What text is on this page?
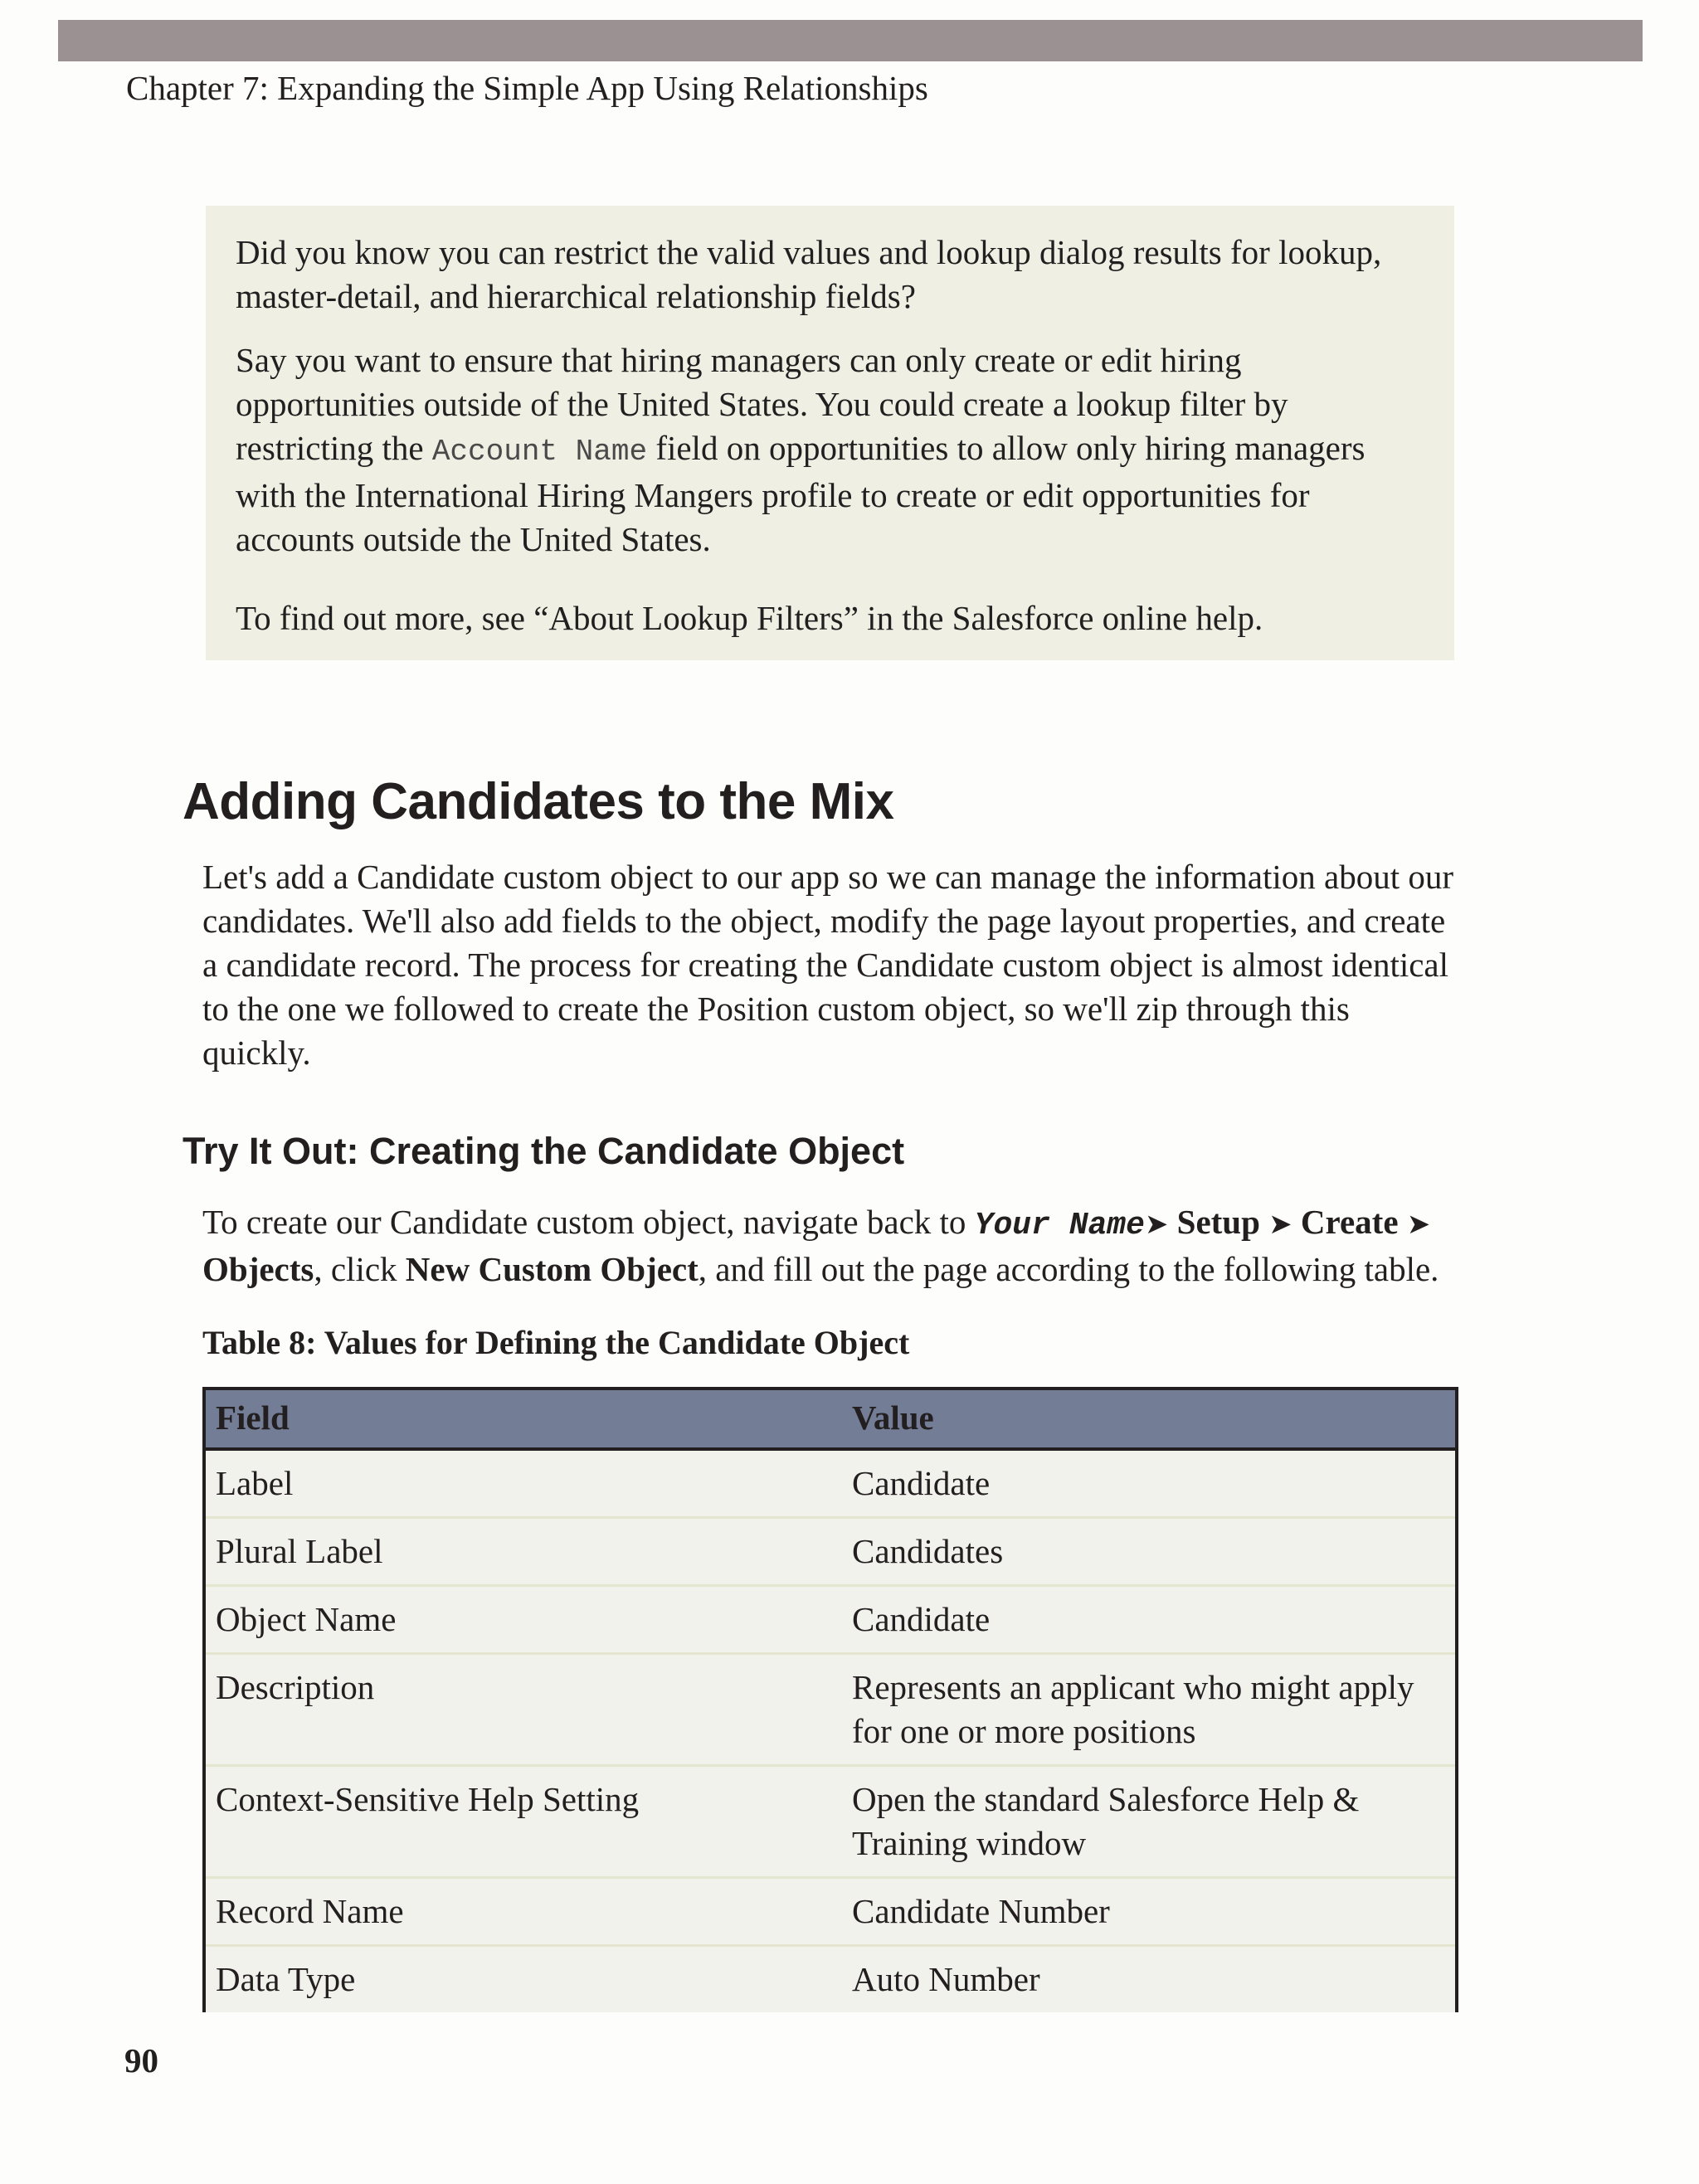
Chapter 7: Expanding the Simple App Using Relationships

Did you know you can restrict the valid values and lookup dialog results for lookup, master-detail, and hierarchical relationship fields?

Say you want to ensure that hiring managers can only create or edit hiring opportunities outside of the United States. You could create a lookup filter by restricting the Account Name field on opportunities to allow only hiring managers with the International Hiring Mangers profile to create or edit opportunities for accounts outside the United States.

To find out more, see “About Lookup Filters” in the Salesforce online help.

Adding Candidates to the Mix

Let's add a Candidate custom object to our app so we can manage the information about our candidates. We'll also add fields to the object, modify the page layout properties, and create a candidate record. The process for creating the Candidate custom object is almost identical to the one we followed to create the Position custom object, so we'll zip through this quickly.

Try It Out: Creating the Candidate Object

To create our Candidate custom object, navigate back to Your Name➤ Setup ➤ Create ➤ Objects, click New Custom Object, and fill out the page according to the following table.

Table 8: Values for Defining the Candidate Object
Field	Value
Label	Candidate
Plural Label	Candidates
Object Name	Candidate
Description	Represents an applicant who might apply for one or more positions
Context-Sensitive Help Setting	Open the standard Salesforce Help & Training window
Record Name	Candidate Number
Data Type	Auto Number
90
